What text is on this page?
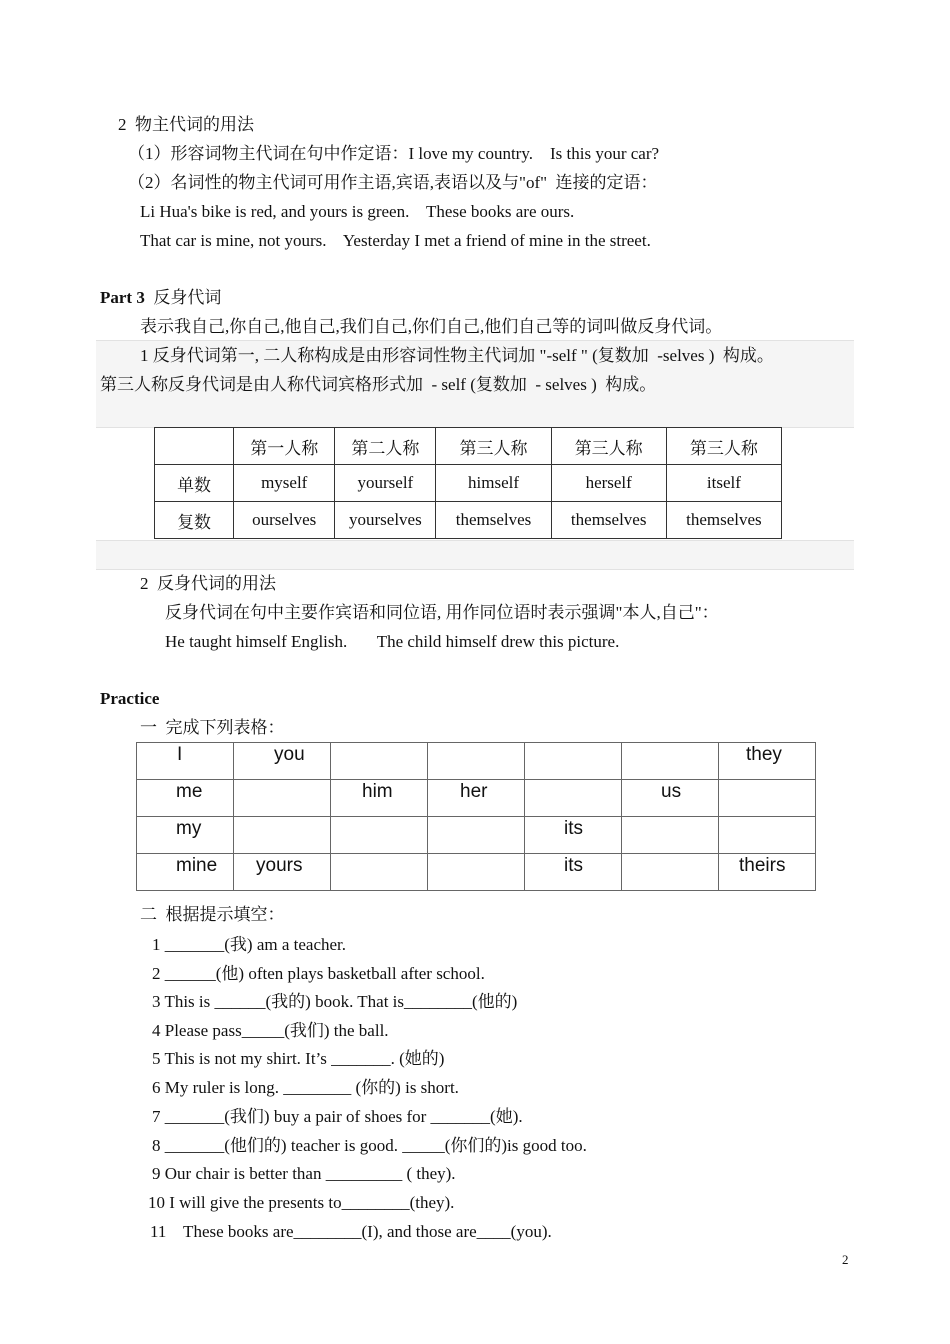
2  物主代词的用法
（1）形容词物主代词在句中作定语：I love my country.    Is this your car?
（2）名词性的物主代词可用作主语,宾语,表语以及与"of"  连接的定语：
Li Hua's bike is red, and yours is green.    These books are ours.
That car is mine, not yours.    Yesterday I met a friend of mine in the street.
Part 3  反身代词
表示我自己,你自己,他自己,我们自己,你们自己,他们自己等的词叫做反身代词。
1 反身代词第一, 二人称构成是由形容词性物主代词加 "-self " (复数加  -selves )  构成。
第三人称反身代词是由人称代词宾格形式加  - self (复数加  - selves )  构成。
	第一人称	第二人称	第三人称	第三人称	第三人称
单数	myself	yourself	himself	herself	itself
复数	ourselves	yourselves	themselves	themselves	themselves
2  反身代词的用法
反身代词在句中主要作宾语和同位语, 用作同位语时表示强调"本人,自己"：
He taught himself English.       The child himself drew this picture.
Practice
一  完成下列表格：
I	you					they

me		him	her		us	

my				its		

mine	yours			its		theirs
二  根据提示填空：
1 _______(我) am a teacher.
2 ______(他) often plays basketball after school.
3 This is ______(我的) book. That is________(他的)
4 Please pass_____(我们) the ball.
5 This is not my shirt. It’s _______. (她的)
6 My ruler is long. ________ (你的) is short.
7 _______(我们) buy a pair of shoes for _______(她).
8 _______(他们的) teacher is good. _____(你们的)is good too.
9 Our chair is better than _________ ( they).
10 I will give the presents to________(they).
11    These books are________(I), and those are____(you).
2
